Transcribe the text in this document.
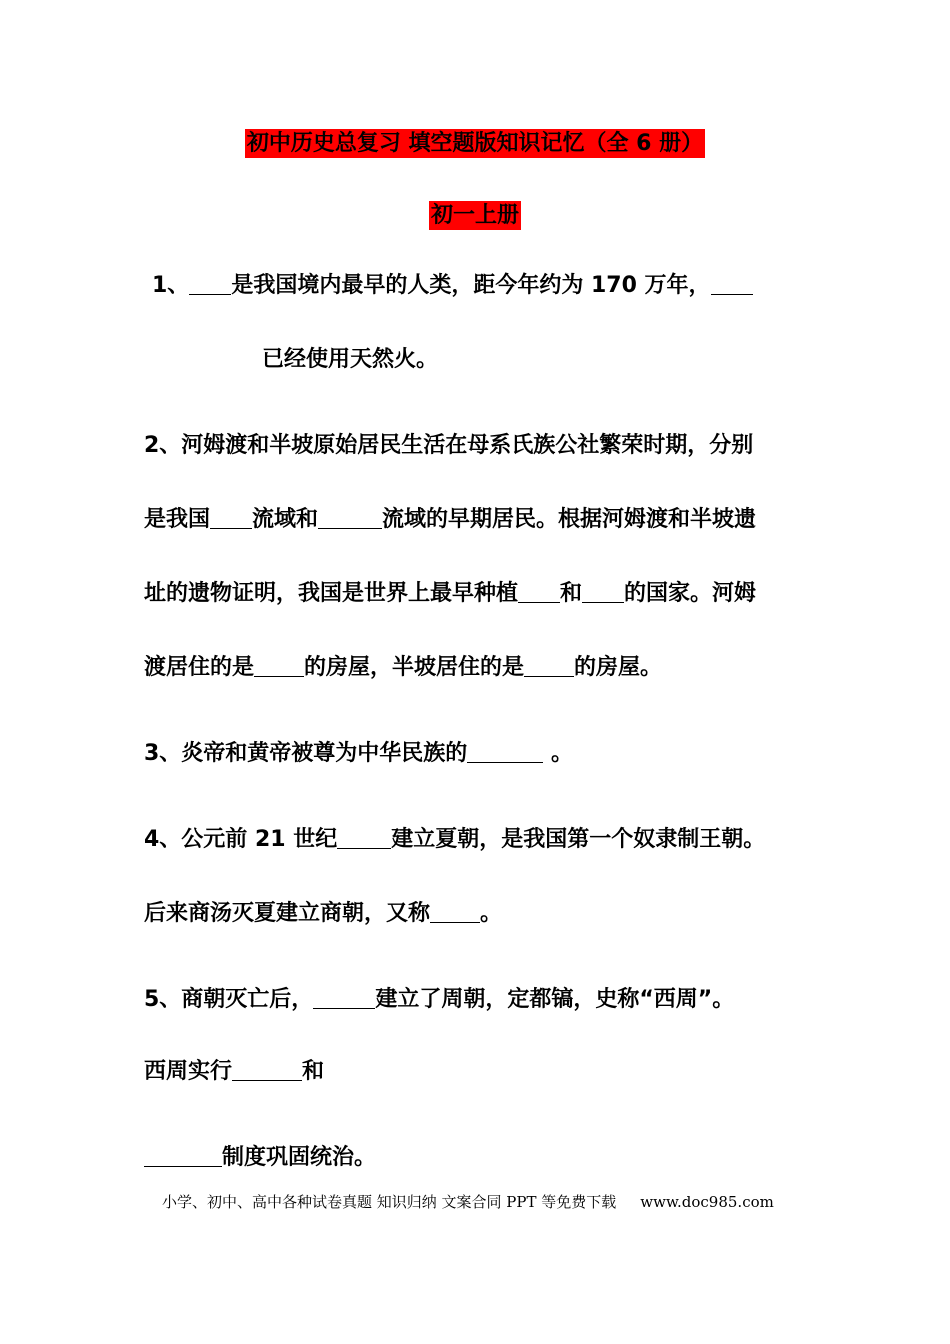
初中历史总复习 填空题版知识记忆（全 6 册）
初一上册
1、 是我国境内最早的人类，距今年约为 170 万年，
已经使用天然火。
2、河姆渡和半坡原始居民生活在母系氏族公社繁荣时期，分别
是我国 流域和	流域的早期居民。根据河姆渡和半坡遗
址的遗物证明，我国是世界上最早种植 和 的国家。河姆
渡居住的是 的房屋，半坡居住的是 的房屋。
3、炎帝和黄帝被尊为中华民族的	。
4、公元前 21 世纪 建立夏朝，是我国第一个奴隶制王朝。
后来商汤灭夏建立商朝，又称 。
5、商朝灭亡后，	建立了周朝，定都镐，史称“西周”。
西周实行	和
制度巩固统治。
小学、初中、高中各种试卷真题 知识归纳 文案合同 PPT 等免费下载 www.doc985.com
